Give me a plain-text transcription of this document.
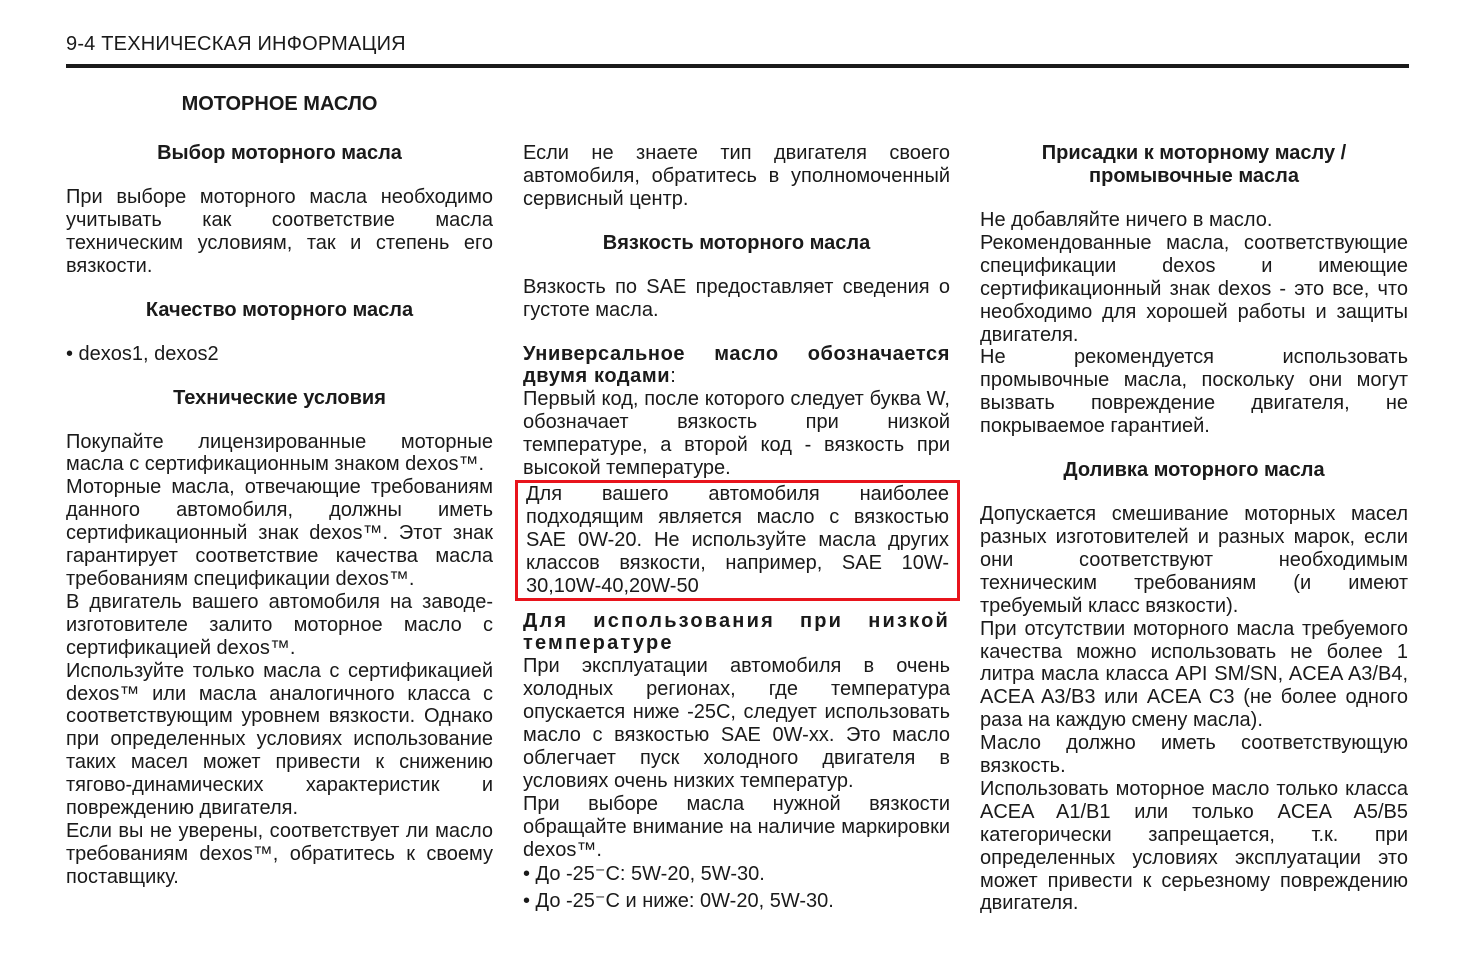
9-4 ТЕХНИЧЕСКАЯ ИНФОРМАЦИЯ
МОТОРНОЕ МАСЛО
Выбор моторного масла

При выборе моторного масла необходимо учитывать как соответствие масла техническим условиям, так и степень его вязкости.

Качество моторного масла

• dexos1, dexos2

Технические условия

Покупайте лицензированные моторные масла с сертификационным знаком dexos™.

Моторные масла, отвечающие требованиям данного автомобиля, должны иметь сертификационный знак dexos™. Этот знак гарантирует соответствие качества масла требованиям спецификации dexos™.

В двигатель вашего автомобиля на заводе-изготовителе залито моторное масло с сертификацией dexos™.

Используйте только масла с сертификацией dexos™ или масла аналогичного класса с соответствующим уровнем вязкости. Однако при определенных условиях использование таких масел может привести к снижению тягово-динамических характеристик и повреждению двигателя.

Если вы не уверены, соответствует ли масло требованиям dexos™, обратитесь к своему поставщику.

Если не знаете тип двигателя своего автомобиля, обратитесь в уполномоченный сервисный центр.

Вязкость моторного масла

Вязкость по SAE предоставляет сведения о густоте масла.

Универсальное масло обозначается двумя кодами:

Первый код, после которого следует буква W, обозначает вязкость при низкой температуре, а второй код - вязкость при высокой температуре.

Для вашего автомобиля наиболее подходящим является масло с вязкостью SAE 0W-20. Не используйте масла других классов вязкости, например, SAE 10W-30,10W-40,20W-50

Для использования при низкой температуре

При эксплуатации автомобиля в очень холодных регионах, где температура опускается ниже -25С, следует использовать масло с вязкостью SAE 0W-xx. Это масло облегчает пуск холодного двигателя в условиях очень низких температур.

При выборе масла нужной вязкости обращайте внимание на наличие маркировки dexos™.

• До -25⁻C: 5W-20, 5W-30.

• До -25⁻C и ниже: 0W-20, 5W-30.

Присадки к моторному маслу / промывочные масла

Не добавляйте ничего в масло.

Рекомендованные масла, соответствующие спецификации dexos и имеющие сертификационный знак dexos - это все, что необходимо для хорошей работы и защиты двигателя.

Не рекомендуется использовать промывочные масла, поскольку они могут вызвать повреждение двигателя, не покрываемое гарантией.

Доливка моторного масла

Допускается смешивание моторных масел разных изготовителей и разных марок, если они соответствуют необходимым техническим требованиям (и имеют требуемый класс вязкости).

При отсутствии моторного масла требуемого качества можно использовать не более 1 литра масла класса API SM/SN, ACEA A3/B4, ACEA A3/B3 или ACEA C3 (не более одного раза на каждую смену масла).

Масло должно иметь соответствующую вязкость.

Использовать моторное масло только класса ACEA A1/B1 или только ACEA A5/B5 категорически запрещается, т.к. при определенных условиях эксплуатации это может привести к серьезному повреждению двигателя.
